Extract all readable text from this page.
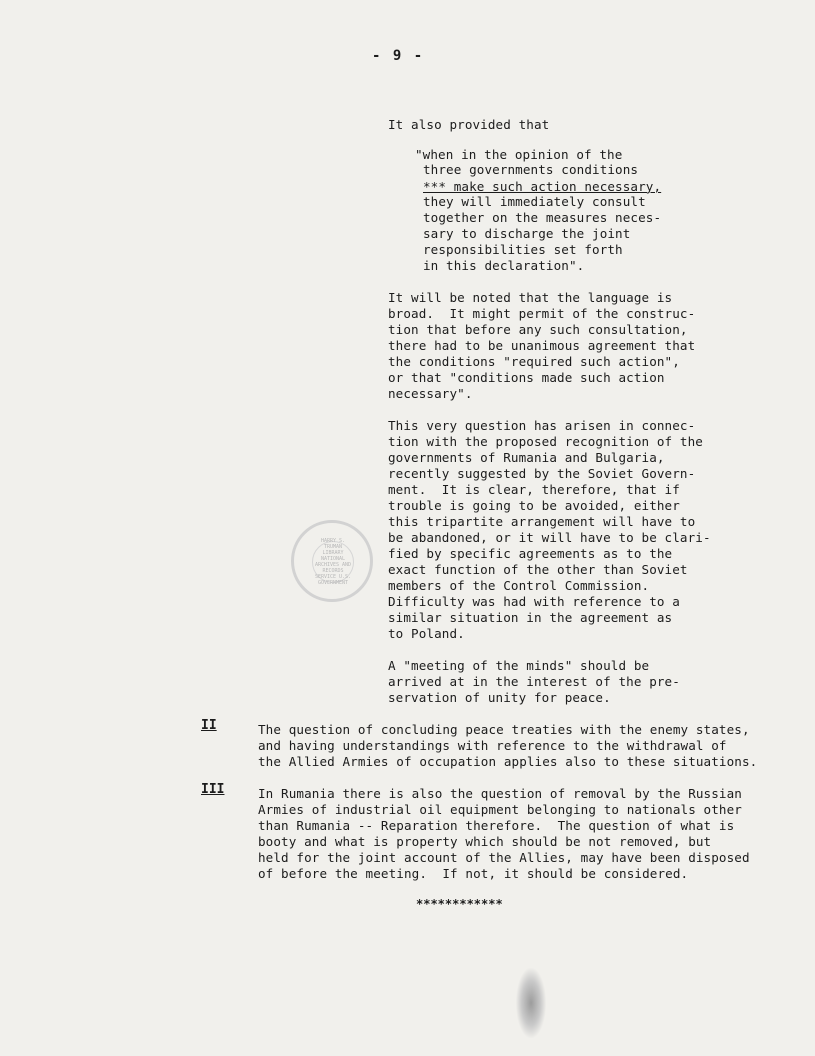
- 9 -
It also provided that
"when in the opinion of the
three governments conditions
*** make such action necessary,
they will immediately consult
together on the measures neces-
sary to discharge the joint
responsibilities set forth
in this declaration".
It will be noted that the language is
broad.  It might permit of the construc-
tion that before any such consultation,
there had to be unanimous agreement that
the conditions "required such action",
or that "conditions made such action
necessary".
This very question has arisen in connec-
tion with the proposed recognition of the
governments of Rumania and Bulgaria,
recently suggested by the Soviet Govern-
ment.  It is clear, therefore, that if
trouble is going to be avoided, either
this tripartite arrangement will have to
be abandoned, or it will have to be clari-
fied by specific agreements as to the
exact function of the other than Soviet
members of the Control Commission.
Difficulty was had with reference to a
similar situation in the agreement as
to Poland.
A "meeting of the minds" should be
arrived at in the interest of the pre-
servation of unity for peace.
II	The question of concluding peace treaties with the enemy states,
and having understandings with reference to the withdrawal of
the Allied Armies of occupation applies also to these situations.
III	In Rumania there is also the question of removal by the Russian
Armies of industrial oil equipment belonging to nationals other
than Rumania -- Reparation therefore.  The question of what is
booty and what is property which should be not removed, but
held for the joint account of the Allies, may have been disposed
of before the meeting.  If not, it should be considered.
************
HARRY S. TRUMAN LIBRARY NATIONAL ARCHIVES AND RECORDS SERVICE U.S. GOVERNMENT
